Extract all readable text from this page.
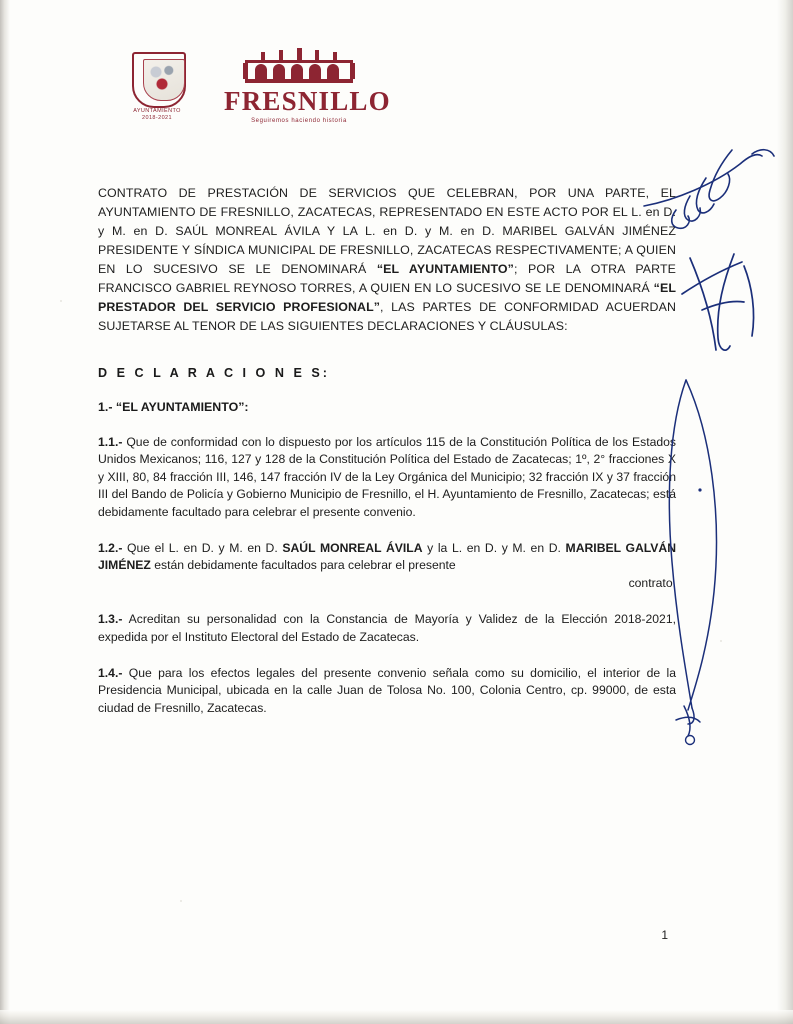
AYUNTAMIENTO 2018-2021
FRESNILLO
Seguiremos haciendo historia

CONTRATO DE PRESTACIÓN DE SERVICIOS QUE CELEBRAN, POR UNA PARTE, EL AYUNTAMIENTO DE FRESNILLO, ZACATECAS, REPRESENTADO EN ESTE ACTO POR EL L. en D. y M. en D. SAÚL MONREAL ÁVILA Y LA L. en D. y M. en D. MARIBEL GALVÁN JIMÉNEZ PRESIDENTE Y SÍNDICA MUNICIPAL DE FRESNILLO, ZACATECAS RESPECTIVAMENTE; A QUIEN EN LO SUCESIVO SE LE DENOMINARÁ “EL AYUNTAMIENTO”; POR LA OTRA PARTE FRANCISCO GABRIEL REYNOSO TORRES, A QUIEN EN LO SUCESIVO SE LE DENOMINARÁ “EL PRESTADOR DEL SERVICIO PROFESIONAL”, LAS PARTES DE CONFORMIDAD ACUERDAN SUJETARSE AL TENOR DE LAS SIGUIENTES DECLARACIONES Y CLÁUSULAS:

D E C L A R A C I O N E S:

1.- “EL AYUNTAMIENTO”:

1.1.- Que de conformidad con lo dispuesto por los artículos 115 de la Constitución Política de los Estados Unidos Mexicanos; 116, 127 y 128 de la Constitución Política del Estado de Zacatecas; 1º, 2° fracciones X y XIII, 80, 84 fracción III, 146, 147 fracción IV de la Ley Orgánica del Municipio; 32 fracción IX y 37 fracción III del Bando de Policía y Gobierno Municipio de Fresnillo, el H. Ayuntamiento de Fresnillo, Zacatecas; está debidamente facultado para celebrar el presente convenio.

1.2.- Que el L. en D. y M. en D. SAÚL MONREAL ÁVILA y la L. en D. y M. en D. MARIBEL GALVÁN JIMÉNEZ están debidamente facultados para celebrar el presente
contrato.

1.3.- Acreditan su personalidad con la Constancia de Mayoría y Validez de la Elección 2018-2021, expedida por el Instituto Electoral del Estado de Zacatecas.

1.4.- Que para los efectos legales del presente convenio señala como su domicilio, el interior de la Presidencia Municipal, ubicada en la calle Juan de Tolosa No. 100, Colonia Centro, cp. 99000, de esta ciudad de Fresnillo, Zacatecas.

1
